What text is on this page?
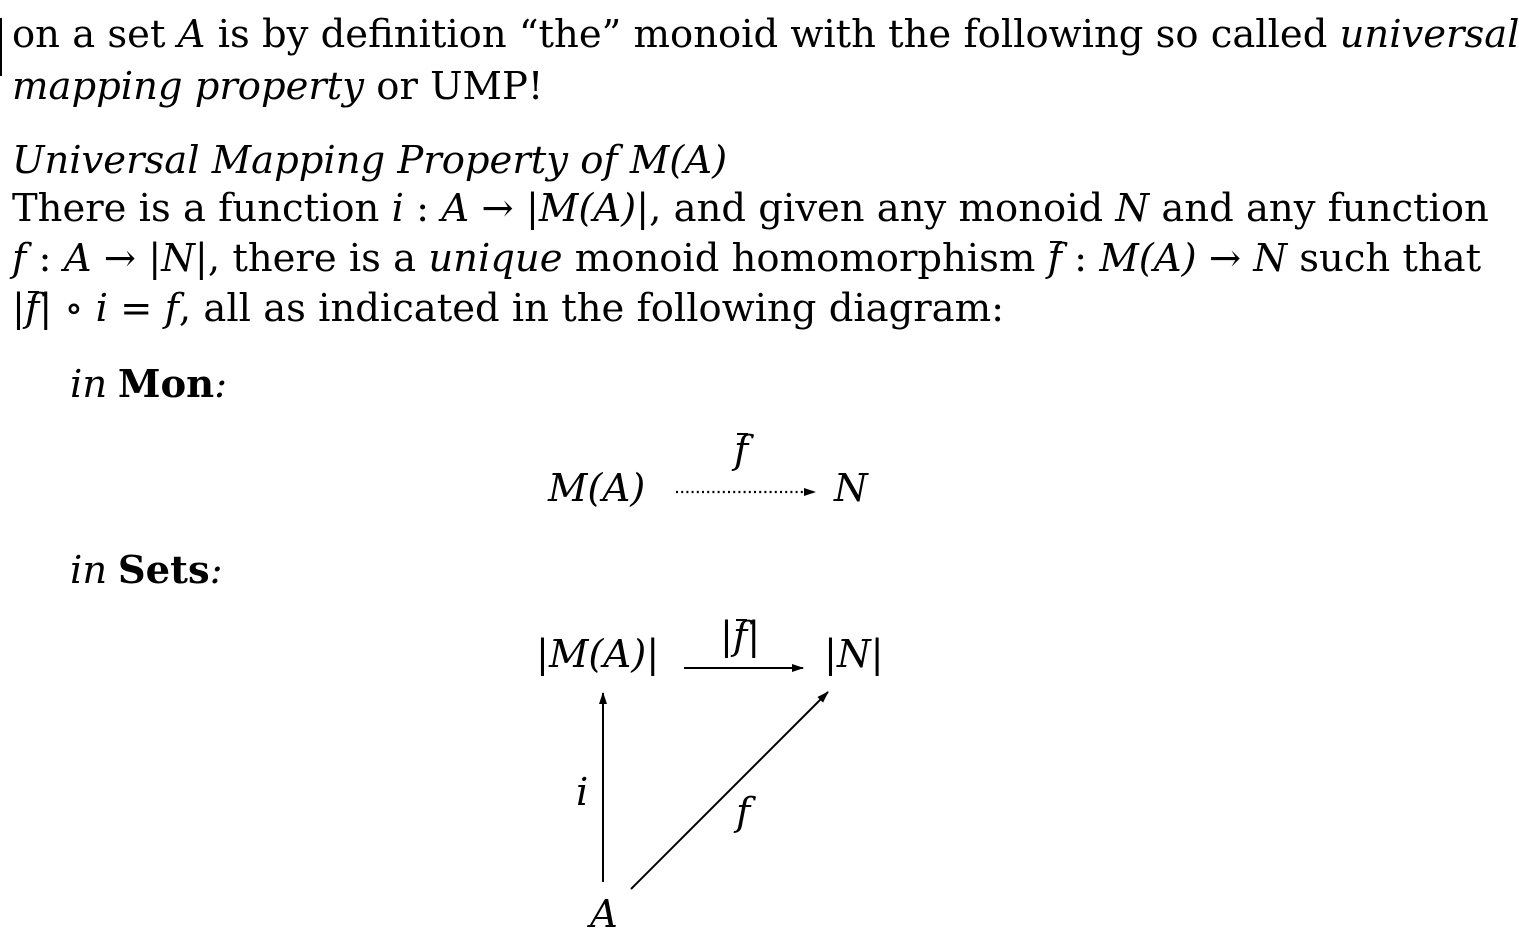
on a set A is by definition “the” monoid with the following so called universal
mapping property or UMP!
Universal Mapping Property of M(A)
There is a function i : A → |M(A)|, and given any monoid N and any function
f : A → |N|, there is a unique monoid homomorphism f : M(A) → N such that
|f| ∘ i = f, all as indicated in the following diagram:
in Mon:
M(A)	N
f
in Sets:
|M(A)|	|N|
A
|f|
i	f
